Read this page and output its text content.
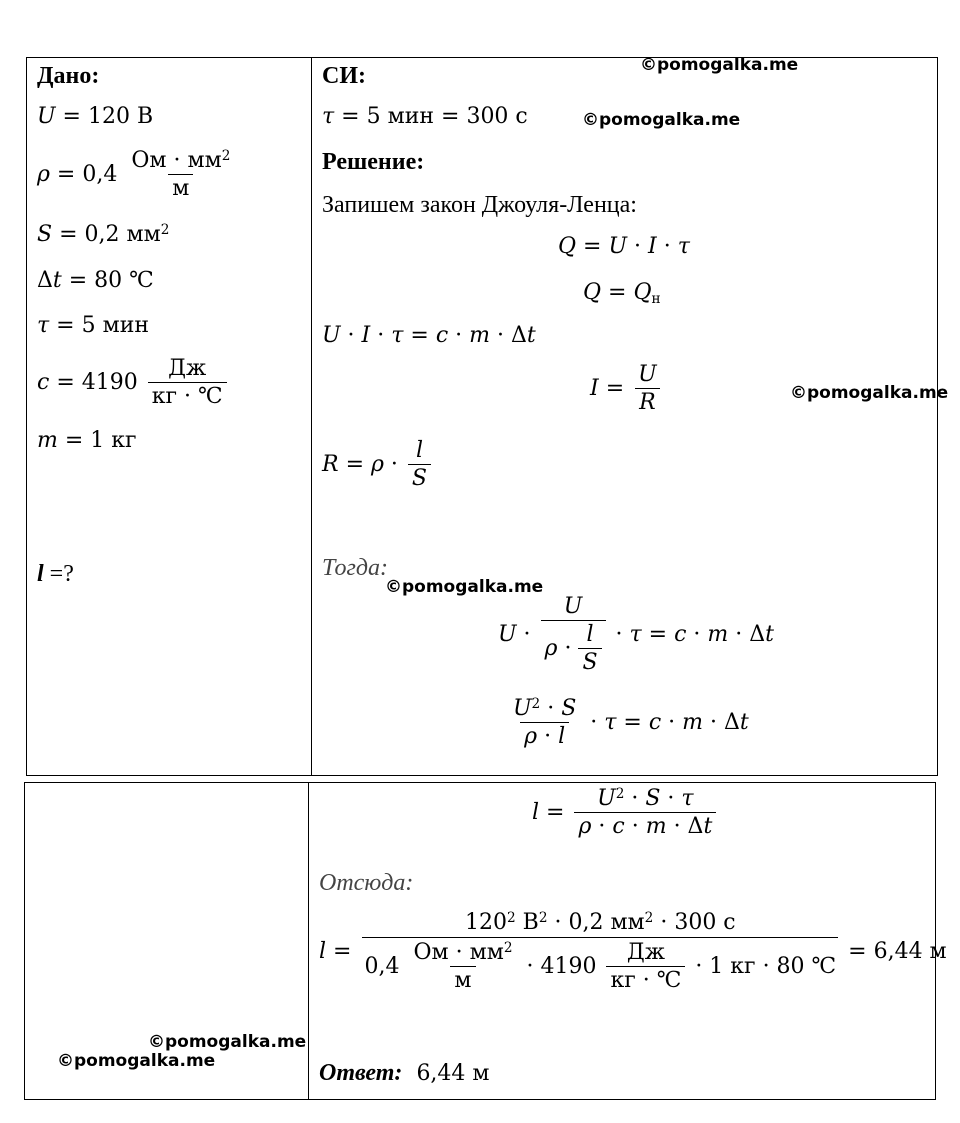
Дано:
U = 120 В
$\rho = 0,4 \frac{Ом \cdot мм^2}{м}$
S = 0,2 $мм^2$
Δt = 80 ℃
τ = 5 мин
$c = 4190 \frac{Дж}{кг \cdot ℃}$
m = 1 кг
l =?
СИ:
τ = 5 мин = 300 с
Решение:
Запишем закон Джоуля-Ленца:
Q = U · I · τ
Q = Qн
U · I · τ = c · m · Δt
$I = \frac{U}{R}$
$R = \rho \cdot \frac{l}{S}$
Тогда:
$U \cdot \frac{U}{\rho \cdot \frac{l}{S}} \cdot \tau = c \cdot m \cdot \Delta t$
$\frac{U^2 \cdot S}{\rho \cdot l} \cdot \tau = c \cdot m \cdot \Delta t$
$l = \frac{U^2 \cdot S \cdot \tau}{\rho \cdot c \cdot m \cdot \Delta t}$
Отсюда:
$l = \frac{120^2 В^2 \cdot 0,2 мм^2 \cdot 300 с}{0,4 \frac{Ом \cdot мм^2}{м} \cdot 4190 \frac{Дж}{кг \cdot ℃} \cdot 1 кг \cdot 80 ℃} = 6,44$ м
Ответ: 6,44 м
©pomogalka.me
©pomogalka.me
©pomogalka.me
©pomogalka.me
©pomogalka.me
©pomogalka.me
